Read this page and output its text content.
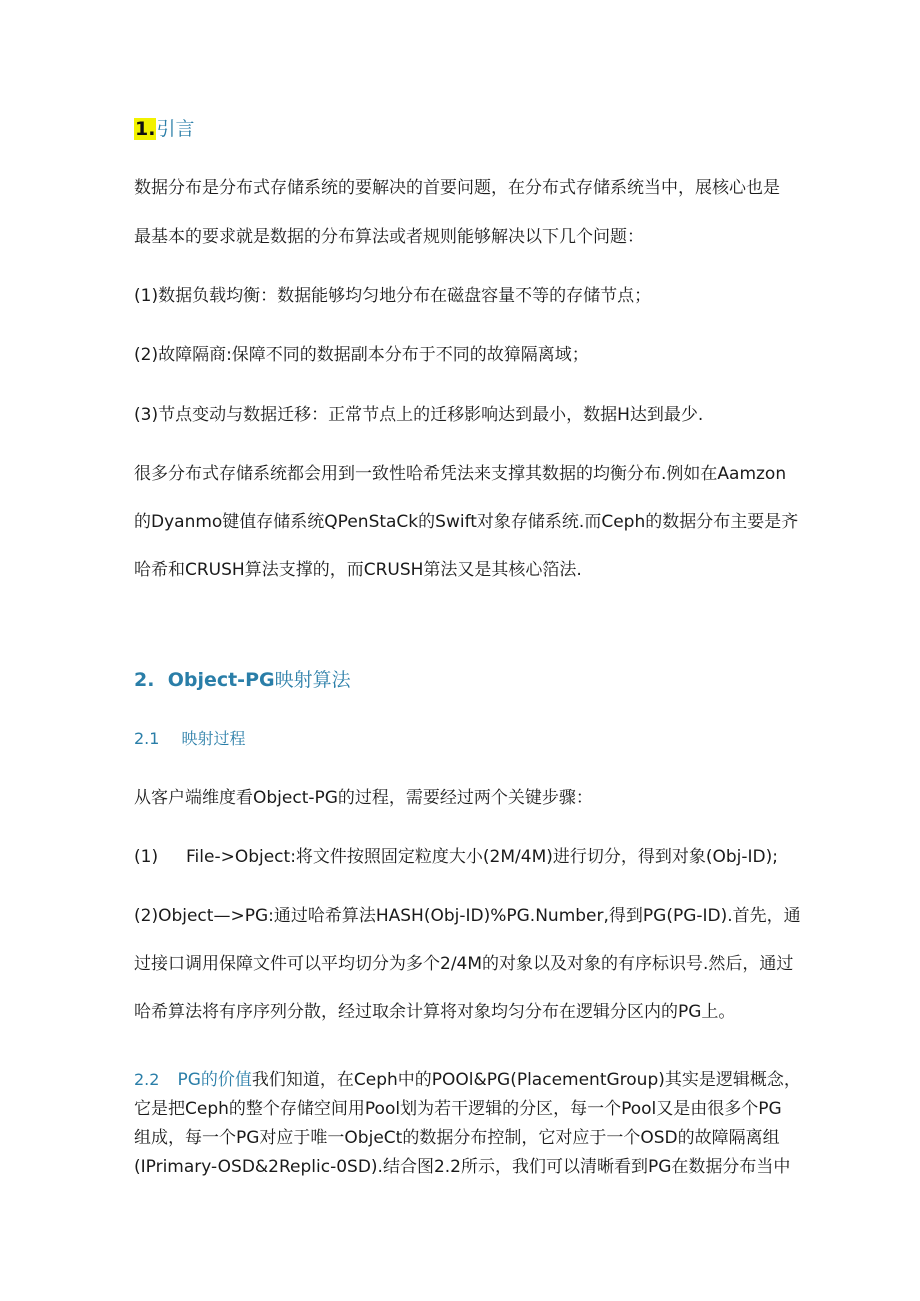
1.引言
数据分布是分布式存储系统的要解决的首要问题，在分布式存储系统当中，展核心也是
最基本的要求就是数据的分布算法或者规则能够解决以下几个问题：
(1)数据负载均衡：数据能够均匀地分布在磁盘容量不等的存储节点；
(2)故障隔商:保障不同的数据副本分布于不同的故獐隔离域；
(3)节点变动与数据迁移：正常节点上的迁移影响达到最小，数据H达到最少.
很多分布式存储系统都会用到一致性哈希凭法来支撑其数据的均衡分布.例如在Aamzon
的Dyanmo键值存储系统QPenStaCk的Swift对象存储系统.而Ceph的数据分布主要是齐
哈希和CRUSH算法支撑的，而CRUSH第法又是其核心箔法.
2. Object-PG映射算法
2.1 映射过程
从客户端维度看Object-PG的过程，需要经过两个关键步骤：
(1) File->Object:将文件按照固定粒度大小(2M/4M)进行切分，得到对象(Obj-ID);
(2)Object—>PG:通过哈希算法HASH(Obj-ID)%PG.Number,得到PG(PG-ID).首先，通
过接口调用保障文件可以平均切分为多个2/4M的对象以及对象的有序标识号.然后，通过
哈希算法将有序序列分散，经过取余计算将对象均匀分布在逻辑分区内的PG上。
2.2 PG的价值我们知道，在Ceph中的POOl&PG(PlacementGroup)其实是逻辑概念，
它是把Ceph的整个存储空间用Pool划为若干逻辑的分区，每一个Pool又是由很多个PG
组成，每一个PG对应于唯一ObjeCt的数据分布控制，它对应于一个OSD的故障隔离组
(IPrimary-OSD&2Replic-0SD).结合图2.2所示，我们可以清晰看到PG在数据分布当中
